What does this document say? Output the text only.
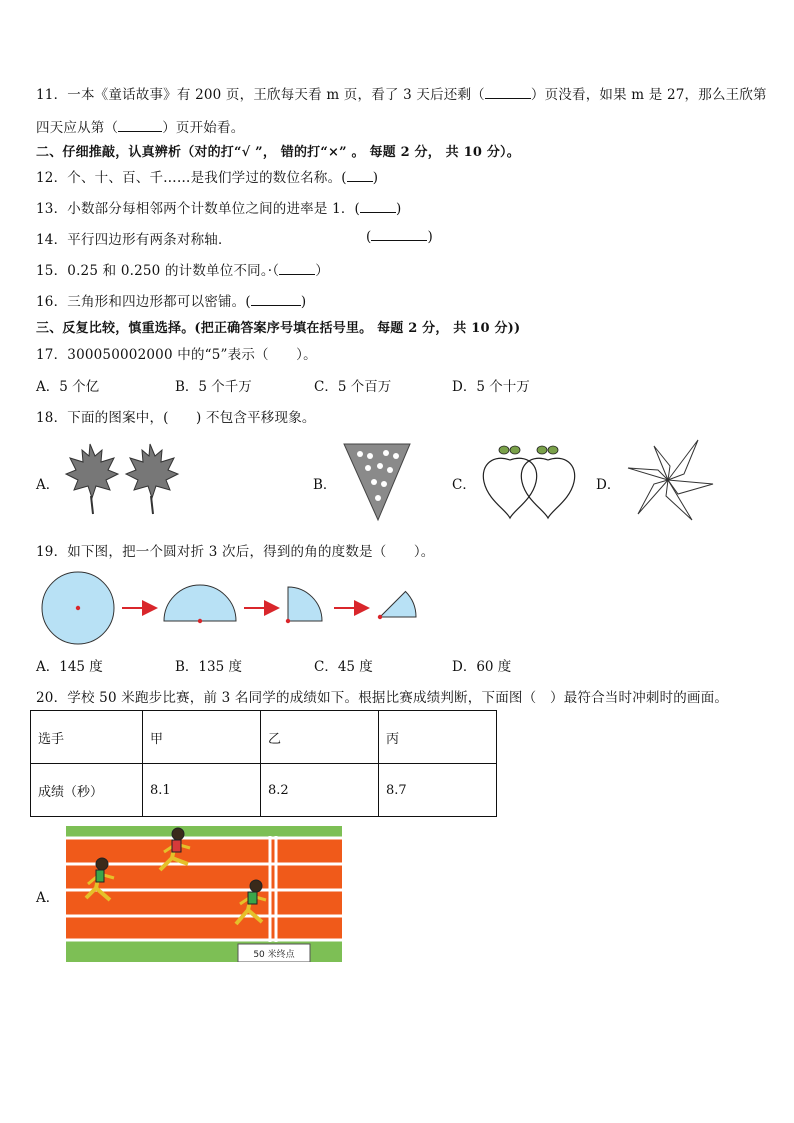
11．一本《童话故事》有 200 页，王欣每天看 m 页，看了 3 天后还剩（	）页没看，如果 m 是 27，那么王欣第
四天应从第（	）页开始看。
二、仔细推敲，认真辨析（对的打“√ ”， 错的打“×” 。 每题 2 分， 共 10 分）。
12．个、十、百、千……是我们学过的数位名称。( )
13．小数部分每相邻两个计数单位之间的进率是 1．(	)
14．平行四边形有两条对称轴．	(	)
15．0.25 和 0.250 的计数单位不同。·（	）
16．三角形和四边形都可以密铺。(	)
三、反复比较，慎重选择。(把正确答案序号填在括号里。 每题 2 分， 共 10 分))
17．300050002000 中的“5”表示（　　）。
A．5 个亿	B．5 个千万	C．5 个百万	D．5 个十万
18．下面的图案中，(　　) 不包含平移现象。
A．	B．	C．	D．
19．如下图，把一个圆对折 3 次后，得到的角的度数是（　　）。
A．145 度	B．135 度	C．45 度	D．60 度
20．学校 50 米跑步比赛，前 3 名同学的成绩如下。根据比赛成绩判断，下面图（　）最符合当时冲刺时的画面。
选手	甲	乙	丙
成绩（秒）	8.1	8.2	8.7
A．
50 米终点
